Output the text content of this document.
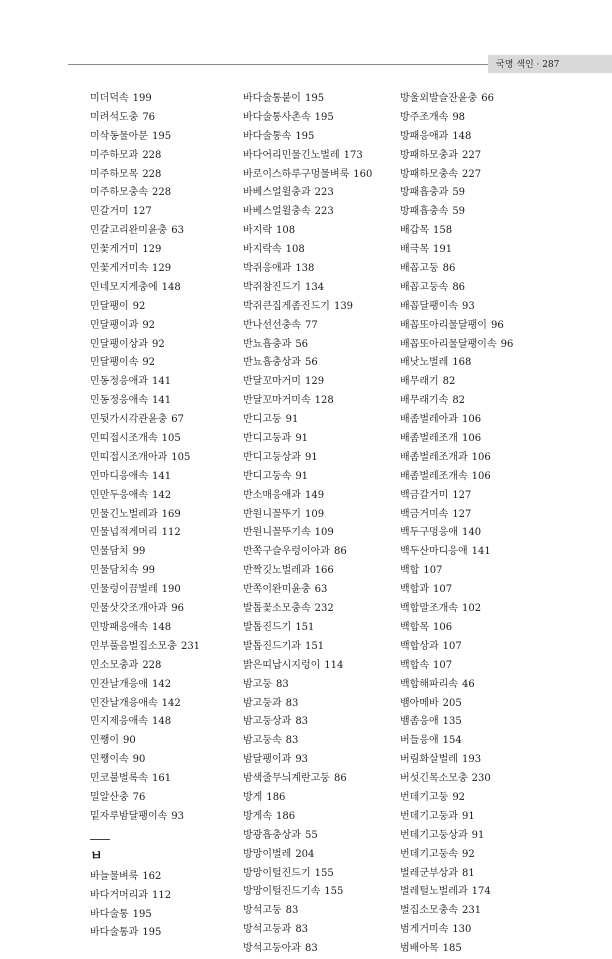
국명 색인 · 287
미더덕속 199
미려석도충 76
미삭동물아문 195
미주하모과 228
미주하모목 228
미주하모충속 228
민갈거미 127
민갈고리완미윤충 63
민꽃게거미 129
민꽃게거미속 129
민네모지게충에 148
민달팽이 92
민달팽이과 92
민달팽이상과 92
민달팽이속 92
민동정응애과 141
민동정응애속 141
민뒷가시각관윤충 67
민띠접시조개속 105
민띠접시조개아과 105
민마디응애속 141
민만두응애속 142
민물긴노벌레과 169
민물넙적게머리 112
민물담치 99
민물담치속 99
민물렁이끔벌레 190
민물삿갓조개아과 96
민방패응애속 148
민부풀음벌집소모충 231
민소모충과 228
민잔날개응애 142
민잔날개응애속 142
민지제응애속 148
민쨍이 90
민쨍이속 90
민코불벌록속 161
밀알산충 76
밑자루밤달팽이속 93
ㅂ
바늘물벼룩 162
바다거머리과 112
바다술통 195
바다술통과 195
바다술통붙이 195
바다술통사촌속 195
바다술통속 195
바다어리민물긴노벌레 173
바로이스하루구멍물벼룩 160
바베스얼윌충과 223
바베스얼윌충속 223
바지락 108
바지락속 108
박쥐응애과 138
박쥐참진드기 134
박쥐큰집게좀진드기 139
반나선선충속 77
반뇨흡충과 56
반뇨흡충상과 56
반달꼬마거미 129
반달꼬마거미속 128
반디고둥 91
반디고둥과 91
반디고둥상과 91
반디고둥속 91
반소매응애과 149
반원니꼴뚜기 109
반원니꼴뚜기속 109
반쪽구슬우렁이아과 86
반짝깃노벌레과 166
반쪽이완미윤충 63
발톱꽃소모충속 232
발톱진드기 151
발톱진드기과 151
밝은띠납시지렁이 114
밤고둥 83
밤고둥과 83
밤고둥상과 83
밤고둥속 83
밤달팽이과 93
밤색줄무늬계란고둥 86
방게 186
방게속 186
방광흡충상과 55
방망이벌레 204
방망이털진드기 155
방망이털진드기속 155
방석고둥 83
방석고둥과 83
방석고둥아과 83
방울외발슬잔윤충 66
방주조개속 98
방패응애과 148
방패하모충과 227
방패하모충속 227
방패흡충과 59
방패흡충속 59
배갑목 158
배극목 191
배꼽고둥 86
배꼽고둥속 86
배꼽달팽이속 93
배꼽또아리물달팽이 96
배꼽또아리물달팽이속 96
배낫노벌레 168
배무래기 82
배무래기속 82
배좀벌레아과 106
배좀벌레조개 106
배좀벌레조개과 106
배좀벌레조개속 106
백금갈거미 127
백금거미속 127
백두구멍응애 140
백두산마디응애 141
백합 107
백합과 107
백합말조개속 102
백합목 106
백합상과 107
백합속 107
백합해파리속 46
뱀아메바 205
뱀좀응애 135
버들응애 154
버림화살벌레 193
버섯긴목소모충 230
번데기고둥 92
번데기고둥과 91
번데기고둥상과 91
번데기고둥속 92
벌레군부상과 81
벌레털노벌레과 174
벌집소모충속 231
범게거미속 130
범배아목 185
